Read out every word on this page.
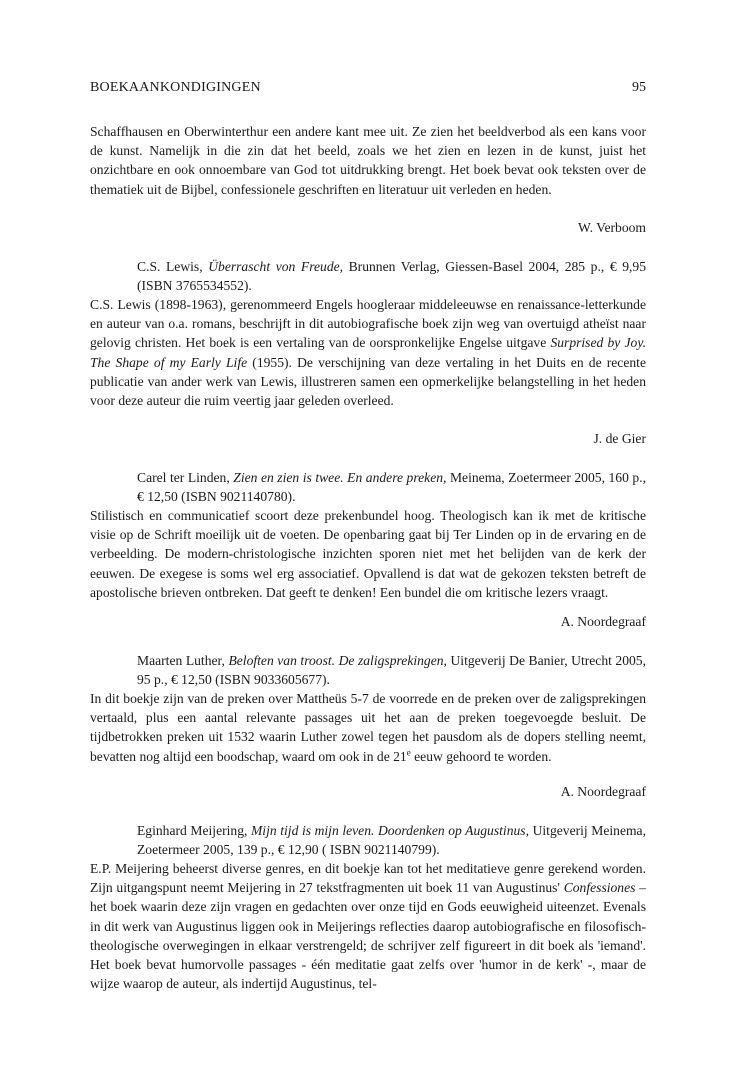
BOEKAANKONDIGINGEN	95

Schaffhausen en Oberwinterthur een andere kant mee uit. Ze zien het beeldverbod als een kans voor de kunst. Namelijk in die zin dat het beeld, zoals we het zien en lezen in de kunst, juist het onzichtbare en ook onnoembare van God tot uitdrukking brengt. Het boek bevat ook teksten over de thematiek uit de Bijbel, confessionele geschriften en literatuur uit verleden en heden.

W. Verboom

C.S. Lewis, Überrascht von Freude, Brunnen Verlag, Giessen-Basel 2004, 285 p., € 9,95 (ISBN 3765534552).

C.S. Lewis (1898-1963), gerenommeerd Engels hoogleraar middeleeuwse en renaissance-letterkunde en auteur van o.a. romans, beschrijft in dit autobiografische boek zijn weg van overtuigd atheïst naar gelovig christen. Het boek is een vertaling van de oorspronkelijke Engelse uitgave Surprised by Joy. The Shape of my Early Life (1955). De verschijning van deze vertaling in het Duits en de recente publicatie van ander werk van Lewis, illustreren samen een opmerkelijke belangstelling in het heden voor deze auteur die ruim veertig jaar geleden overleed.

J. de Gier

Carel ter Linden, Zien en zien is twee. En andere preken, Meinema, Zoetermeer 2005, 160 p., € 12,50 (ISBN 9021140780).

Stilistisch en communicatief scoort deze prekenbundel hoog. Theologisch kan ik met de kritische visie op de Schrift moeilijk uit de voeten. De openbaring gaat bij Ter Linden op in de ervaring en de verbeelding. De modern-christologische inzichten sporen niet met het belijden van de kerk der eeuwen. De exegese is soms wel erg associatief. Opvallend is dat wat de gekozen teksten betreft de apostolische brieven ontbreken. Dat geeft te denken! Een bundel die om kritische lezers vraagt.

A. Noordegraaf

Maarten Luther, Beloften van troost. De zaligsprekingen, Uitgeverij De Banier, Utrecht 2005, 95 p., € 12,50 (ISBN 9033605677).

In dit boekje zijn van de preken over Mattheüs 5-7 de voorrede en de preken over de zaligsprekingen vertaald, plus een aantal relevante passages uit het aan de preken toegevoegde besluit. De tijdbetrokken preken uit 1532 waarin Luther zowel tegen het pausdom als de dopers stelling neemt, bevatten nog altijd een boodschap, waard om ook in de 21e eeuw gehoord te worden.

A. Noordegraaf

Eginhard Meijering, Mijn tijd is mijn leven. Doordenken op Augustinus, Uitgeverij Meinema, Zoetermeer 2005, 139 p., € 12,90 ( ISBN 9021140799).

E.P. Meijering beheerst diverse genres, en dit boekje kan tot het meditatieve genre gerekend worden. Zijn uitgangspunt neemt Meijering in 27 tekstfragmenten uit boek 11 van Augustinus' Confessiones – het boek waarin deze zijn vragen en gedachten over onze tijd en Gods eeuwigheid uiteenzet. Evenals in dit werk van Augustinus liggen ook in Meijerings reflecties daarop autobiografische en filosofisch-theologische overwegingen in elkaar verstrengeld; de schrijver zelf figureert in dit boek als 'iemand'. Het boek bevat humorvolle passages - één meditatie gaat zelfs over 'humor in de kerk' -, maar de wijze waarop de auteur, als indertijd Augustinus, tel-
